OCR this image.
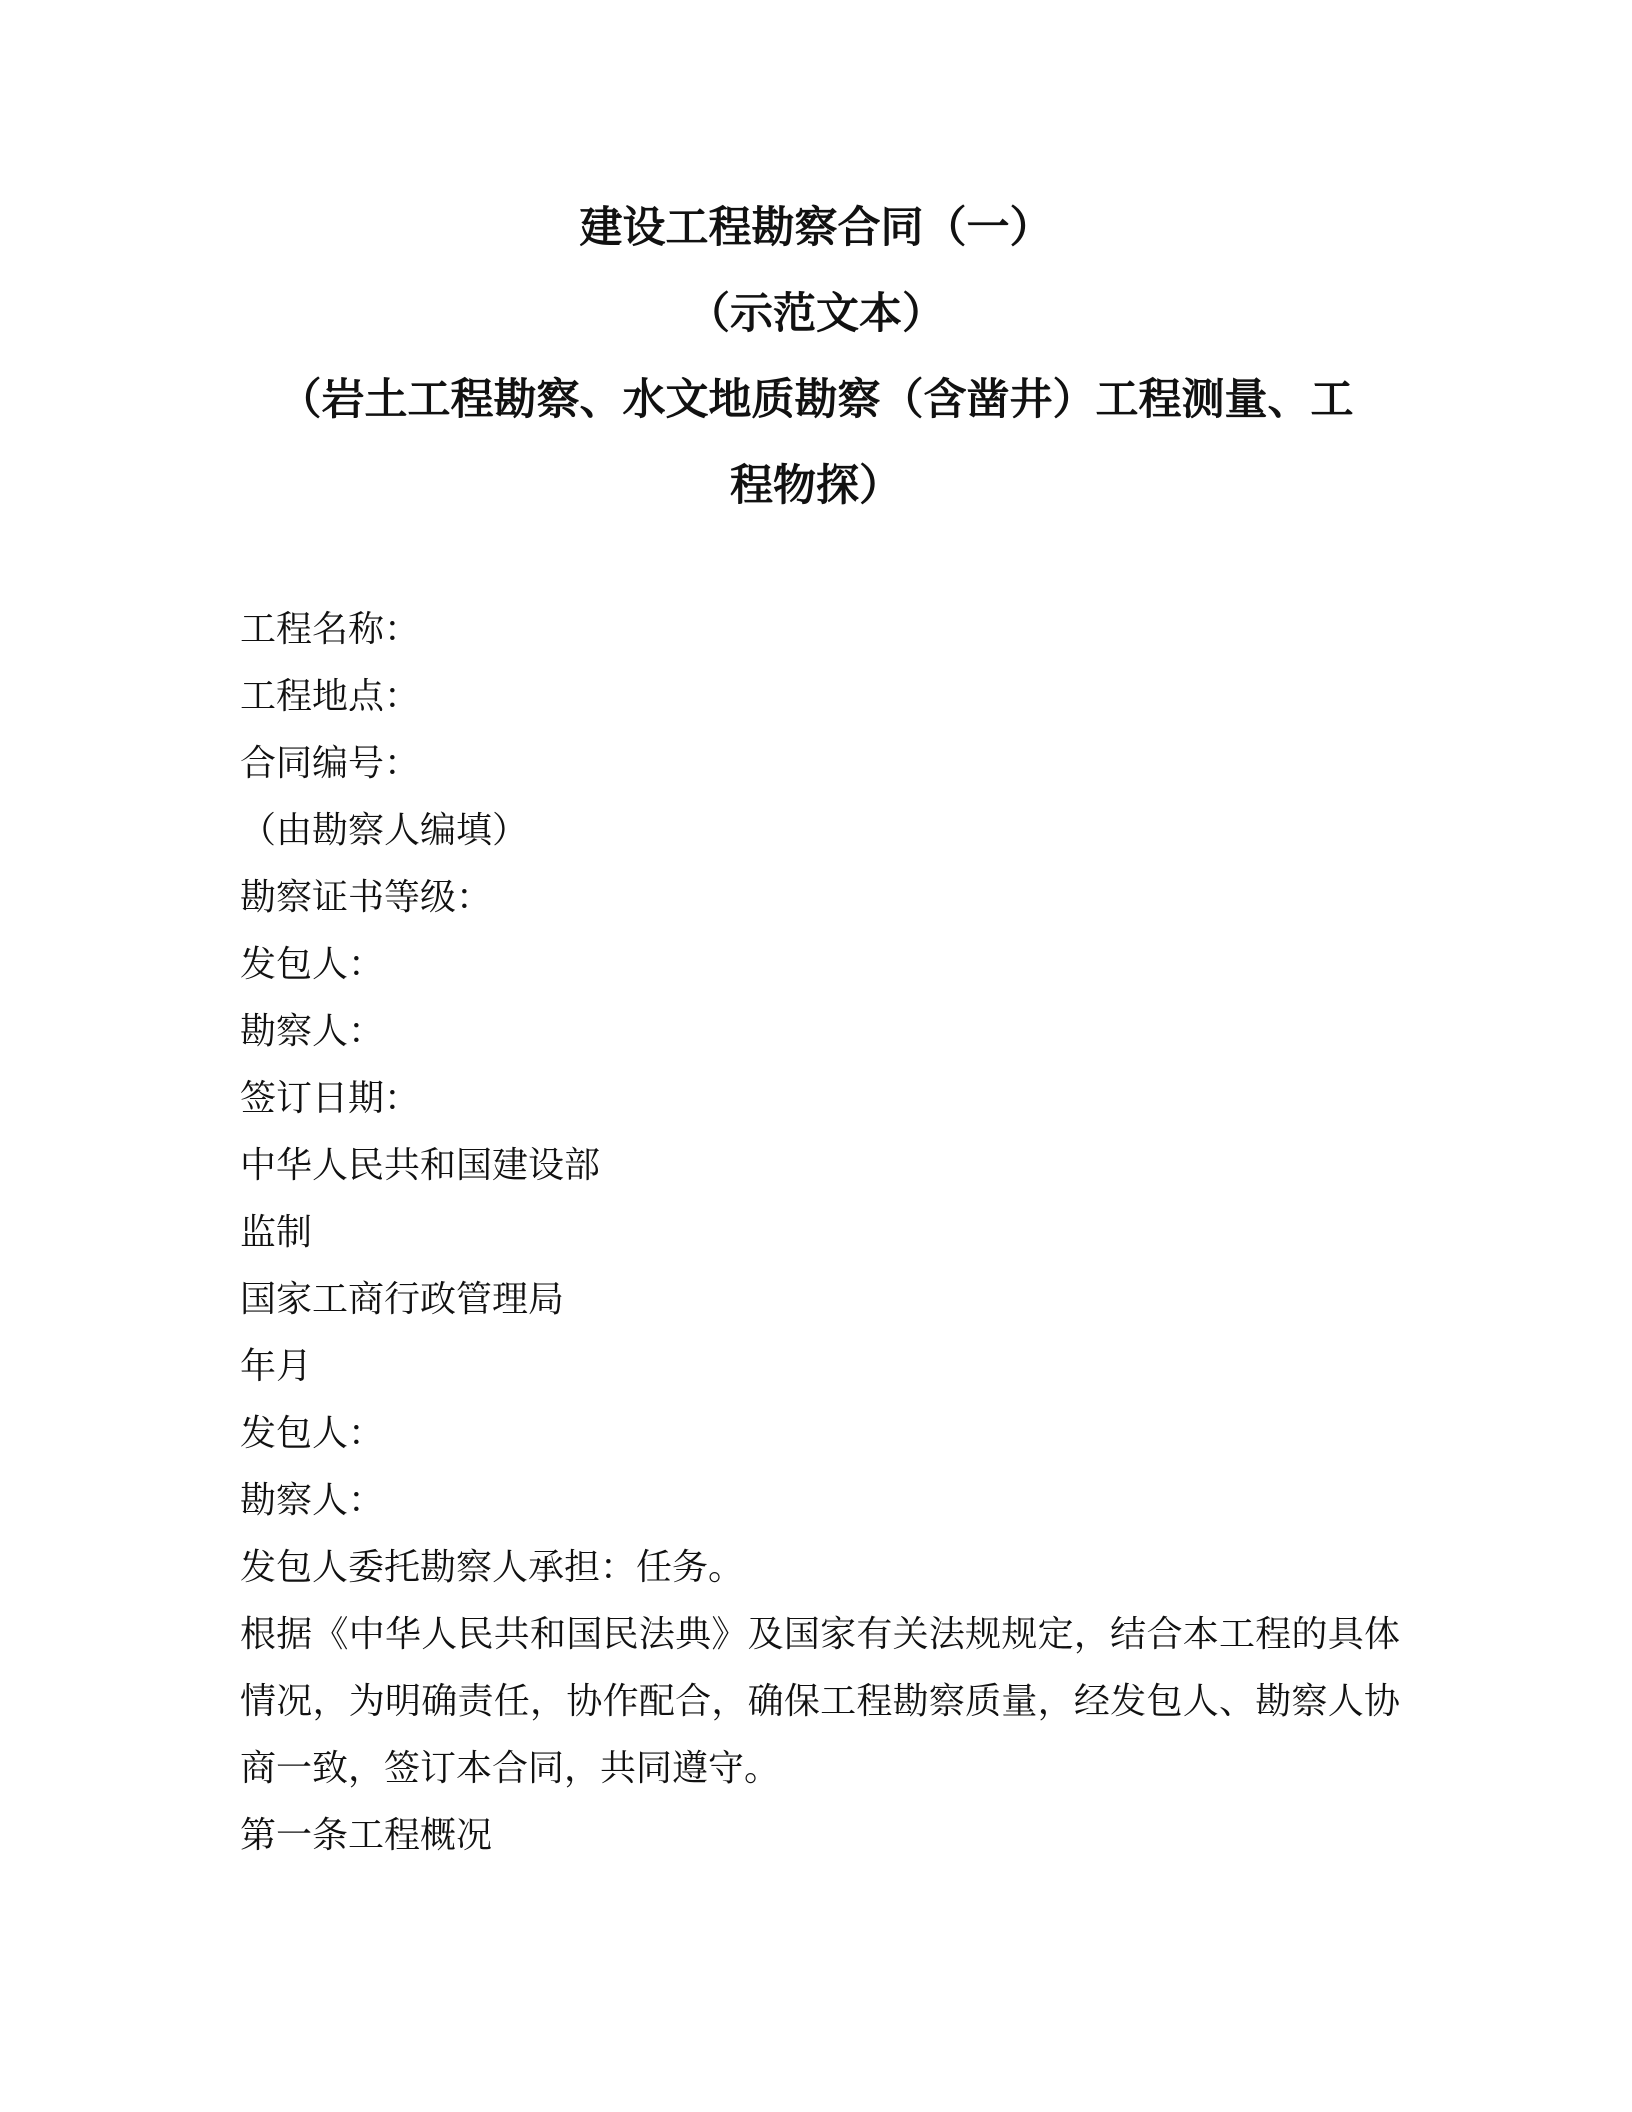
建设工程勘察合同（一）

（示范文本）

（岩土工程勘察、水文地质勘察（含凿井）工程测量、工

程物探）

工程名称：

工程地点：

合同编号：

（由勘察人编填）

勘察证书等级：

发包人：

勘察人：

签订日期：

中华人民共和国建设部

监制

国家工商行政管理局

年月

发包人：

勘察人：

发包人委托勘察人承担：任务。

根据《中华人民共和国民法典》及国家有关法规规定，结合本工程的具体情况，为明确责任，协作配合，确保工程勘察质量，经发包人、勘察人协商一致，签订本合同，共同遵守。

第一条工程概况
